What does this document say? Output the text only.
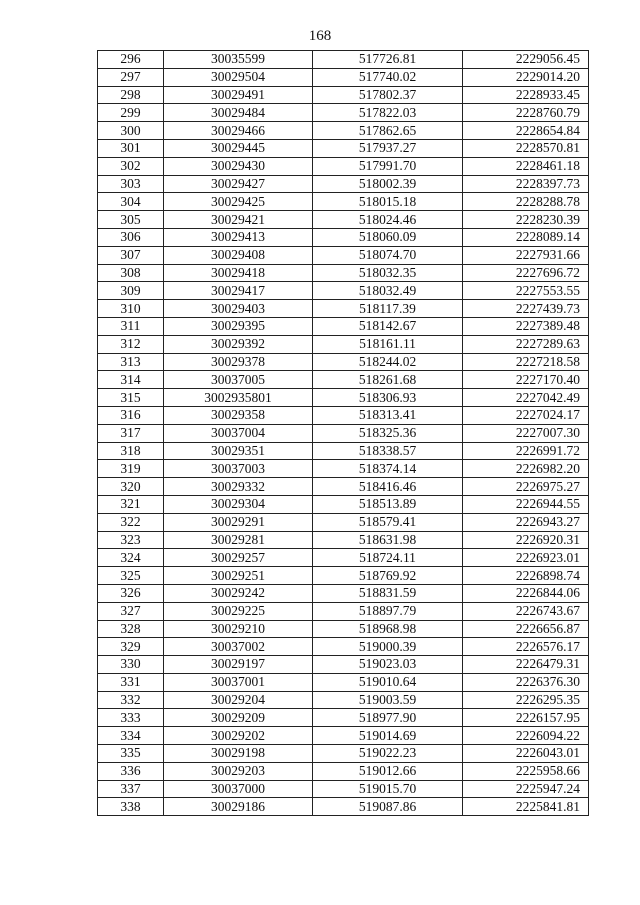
168
296	30035599	517726.81	2229056.45
297	30029504	517740.02	2229014.20
298	30029491	517802.37	2228933.45
299	30029484	517822.03	2228760.79
300	30029466	517862.65	2228654.84
301	30029445	517937.27	2228570.81
302	30029430	517991.70	2228461.18
303	30029427	518002.39	2228397.73
304	30029425	518015.18	2228288.78
305	30029421	518024.46	2228230.39
306	30029413	518060.09	2228089.14
307	30029408	518074.70	2227931.66
308	30029418	518032.35	2227696.72
309	30029417	518032.49	2227553.55
310	30029403	518117.39	2227439.73
311	30029395	518142.67	2227389.48
312	30029392	518161.11	2227289.63
313	30029378	518244.02	2227218.58
314	30037005	518261.68	2227170.40
315	3002935801	518306.93	2227042.49
316	30029358	518313.41	2227024.17
317	30037004	518325.36	2227007.30
318	30029351	518338.57	2226991.72
319	30037003	518374.14	2226982.20
320	30029332	518416.46	2226975.27
321	30029304	518513.89	2226944.55
322	30029291	518579.41	2226943.27
323	30029281	518631.98	2226920.31
324	30029257	518724.11	2226923.01
325	30029251	518769.92	2226898.74
326	30029242	518831.59	2226844.06
327	30029225	518897.79	2226743.67
328	30029210	518968.98	2226656.87
329	30037002	519000.39	2226576.17
330	30029197	519023.03	2226479.31
331	30037001	519010.64	2226376.30
332	30029204	519003.59	2226295.35
333	30029209	518977.90	2226157.95
334	30029202	519014.69	2226094.22
335	30029198	519022.23	2226043.01
336	30029203	519012.66	2225958.66
337	30037000	519015.70	2225947.24
338	30029186	519087.86	2225841.81
